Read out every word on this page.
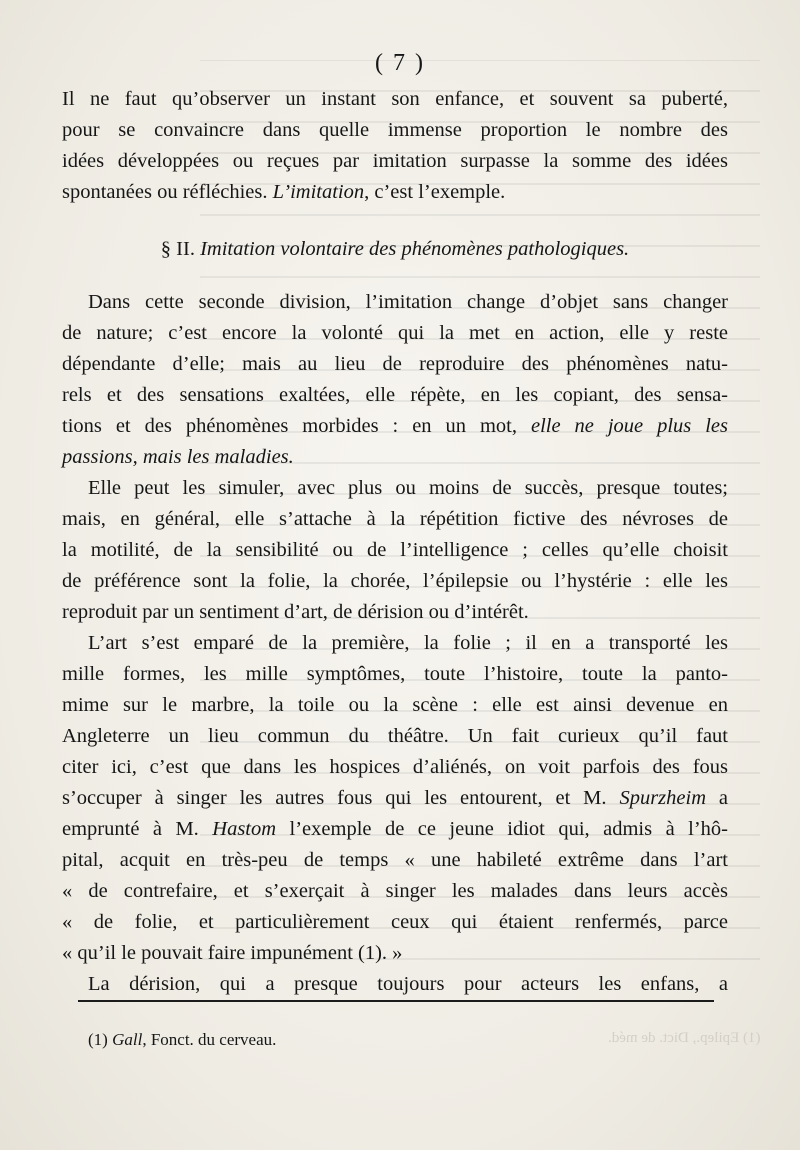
( 7 )

Il ne faut qu’observer un instant son enfance, et souvent sa puberté,

pour se convaincre dans quelle immense proportion le nombre des

idées développées ou reçues par imitation surpasse la somme des idées

spontanées ou réfléchies. L’imitation, c’est l’exemple.

§ II. Imitation volontaire des phénomènes pathologiques.

Dans cette seconde division, l’imitation change d’objet sans changer

de nature; c’est encore la volonté qui la met en action, elle y reste

dépendante d’elle; mais au lieu de reproduire des phénomènes natu-

rels et des sensations exaltées, elle répète, en les copiant, des sensa-

tions et des phénomènes morbides : en un mot, elle ne joue plus les

passions, mais les maladies.

Elle peut les simuler, avec plus ou moins de succès, presque toutes;

mais, en général, elle s’attache à la répétition fictive des névroses de

la motilité, de la sensibilité ou de l’intelligence ; celles qu’elle choisit

de préférence sont la folie, la chorée, l’épilepsie ou l’hystérie : elle les

reproduit par un sentiment d’art, de dérision ou d’intérêt.

L’art s’est emparé de la première, la folie ; il en a transporté les

mille formes, les mille symptômes, toute l’histoire, toute la panto-

mime sur le marbre, la toile ou la scène : elle est ainsi devenue en

Angleterre un lieu commun du théâtre. Un fait curieux qu’il faut

citer ici, c’est que dans les hospices d’aliénés, on voit parfois des fous

s’occuper à singer les autres fous qui les entourent, et M. Spurzheim a

emprunté à M. Hastom l’exemple de ce jeune idiot qui, admis à l’hô-

pital, acquit en très-peu de temps « une habileté extrême dans l’art

« de contrefaire, et s’exerçait à singer les malades dans leurs accès

« de folie, et particulièrement ceux qui étaient renfermés, parce

« qu’il le pouvait faire impunément (1). »

La dérision, qui a presque toujours pour acteurs les enfans, a

(1) Gall, Fonct. du cerveau.	(1) Epilep., Dict. de méd.
